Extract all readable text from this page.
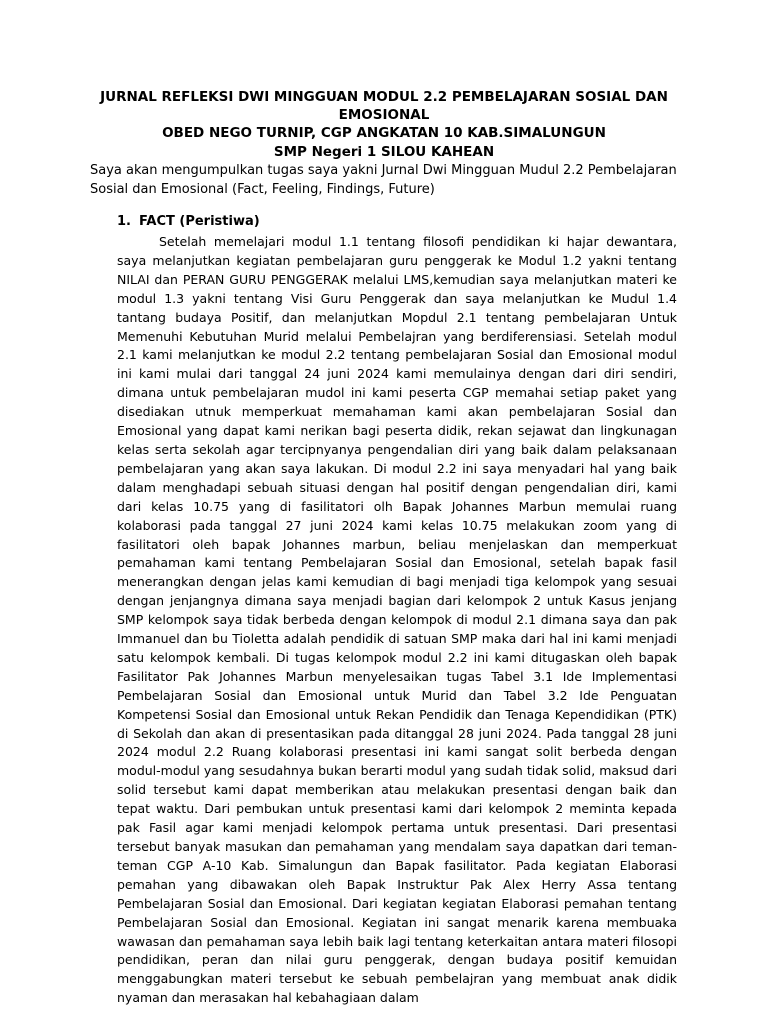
JURNAL REFLEKSI DWI MINGGUAN MODUL 2.2 PEMBELAJARAN SOSIAL DAN EMOSIONAL
OBED NEGO TURNIP, CGP ANGKATAN 10 KAB.SIMALUNGUN
SMP Negeri 1 SILOU KAHEAN
Saya akan mengumpulkan tugas saya yakni Jurnal Dwi Mingguan Mudul 2.2 Pembelajaran Sosial dan Emosional (Fact, Feeling, Findings, Future)
1. FACT (Peristiwa)

Setelah memelajari modul 1.1 tentang filosofi pendidikan ki hajar dewantara, saya melanjutkan kegiatan pembelajaran guru penggerak ke Modul 1.2 yakni tentang NILAI dan PERAN GURU PENGGERAK melalui LMS,kemudian saya melanjutkan materi ke modul 1.3 yakni tentang Visi Guru Penggerak dan saya melanjutkan ke Mudul 1.4 tantang budaya Positif, dan melanjutkan Mopdul 2.1 tentang pembelajaran Untuk Memenuhi Kebutuhan Murid melalui Pembelajran yang berdiferensiasi. Setelah modul 2.1 kami melanjutkan ke modul 2.2 tentang pembelajaran Sosial dan Emosional modul ini kami mulai dari tanggal 24 juni 2024 kami memulainya dengan dari diri sendiri, dimana untuk pembelajaran mudol ini kami peserta CGP memahai setiap paket yang disediakan utnuk memperkuat memahaman kami akan pembelajaran Sosial dan Emosional yang dapat kami nerikan bagi peserta didik, rekan sejawat dan lingkunagan kelas serta sekolah agar tercipnyanya pengendalian diri yang baik dalam pelaksanaan pembelajaran yang akan saya lakukan. Di modul 2.2 ini saya menyadari hal yang baik dalam menghadapi sebuah situasi dengan hal positif dengan pengendalian diri, kami dari kelas 10.75 yang di fasilitatori olh Bapak Johannes Marbun memulai ruang kolaborasi pada tanggal 27 juni 2024 kami kelas 10.75 melakukan zoom yang di fasilitatori oleh bapak Johannes marbun, beliau menjelaskan dan memperkuat pemahaman kami tentang Pembelajaran Sosial dan Emosional, setelah bapak fasil menerangkan dengan jelas kami kemudian di bagi menjadi tiga kelompok yang sesuai dengan jenjangnya dimana saya menjadi bagian dari kelompok 2 untuk Kasus jenjang SMP kelompok saya tidak berbeda dengan kelompok di modul 2.1 dimana saya dan pak Immanuel dan bu Tioletta adalah pendidik di satuan SMP maka dari hal ini kami menjadi satu kelompok kembali. Di tugas kelompok modul 2.2 ini kami ditugaskan oleh bapak Fasilitator Pak Johannes Marbun menyelesaikan tugas Tabel 3.1 Ide Implementasi Pembelajaran Sosial dan Emosional untuk Murid dan Tabel 3.2 Ide Penguatan Kompetensi Sosial dan Emosional untuk Rekan Pendidik dan Tenaga Kependidikan (PTK) di Sekolah dan akan di presentasikan pada ditanggal 28 juni 2024. Pada tanggal 28 juni 2024 modul 2.2 Ruang kolaborasi presentasi ini kami sangat solit berbeda dengan modul-modul yang sesudahnya bukan berarti modul yang sudah tidak solid, maksud dari solid tersebut kami dapat memberikan atau melakukan presentasi dengan baik dan tepat waktu. Dari pembukan untuk presentasi kami dari kelompok 2 meminta kepada pak Fasil agar kami menjadi kelompok pertama untuk presentasi. Dari presentasi tersebut banyak masukan dan pemahaman yang mendalam saya dapatkan dari teman-teman CGP A-10 Kab. Simalungun dan Bapak fasilitator. Pada kegiatan Elaborasi pemahan yang dibawakan oleh Bapak Instruktur Pak Alex Herry Assa tentang Pembelajaran Sosial dan Emosional. Dari kegiatan kegiatan Elaborasi pemahan tentang Pembelajaran Sosial dan Emosional. Kegiatan ini sangat menarik karena membuaka wawasan dan pemahaman saya lebih baik lagi tentang keterkaitan antara materi filosopi pendidikan, peran dan nilai guru penggerak, dengan budaya positif kemuidan menggabungkan materi tersebut ke sebuah pembelajran yang membuat anak didik nyaman dan merasakan hal kebahagiaan dalam
